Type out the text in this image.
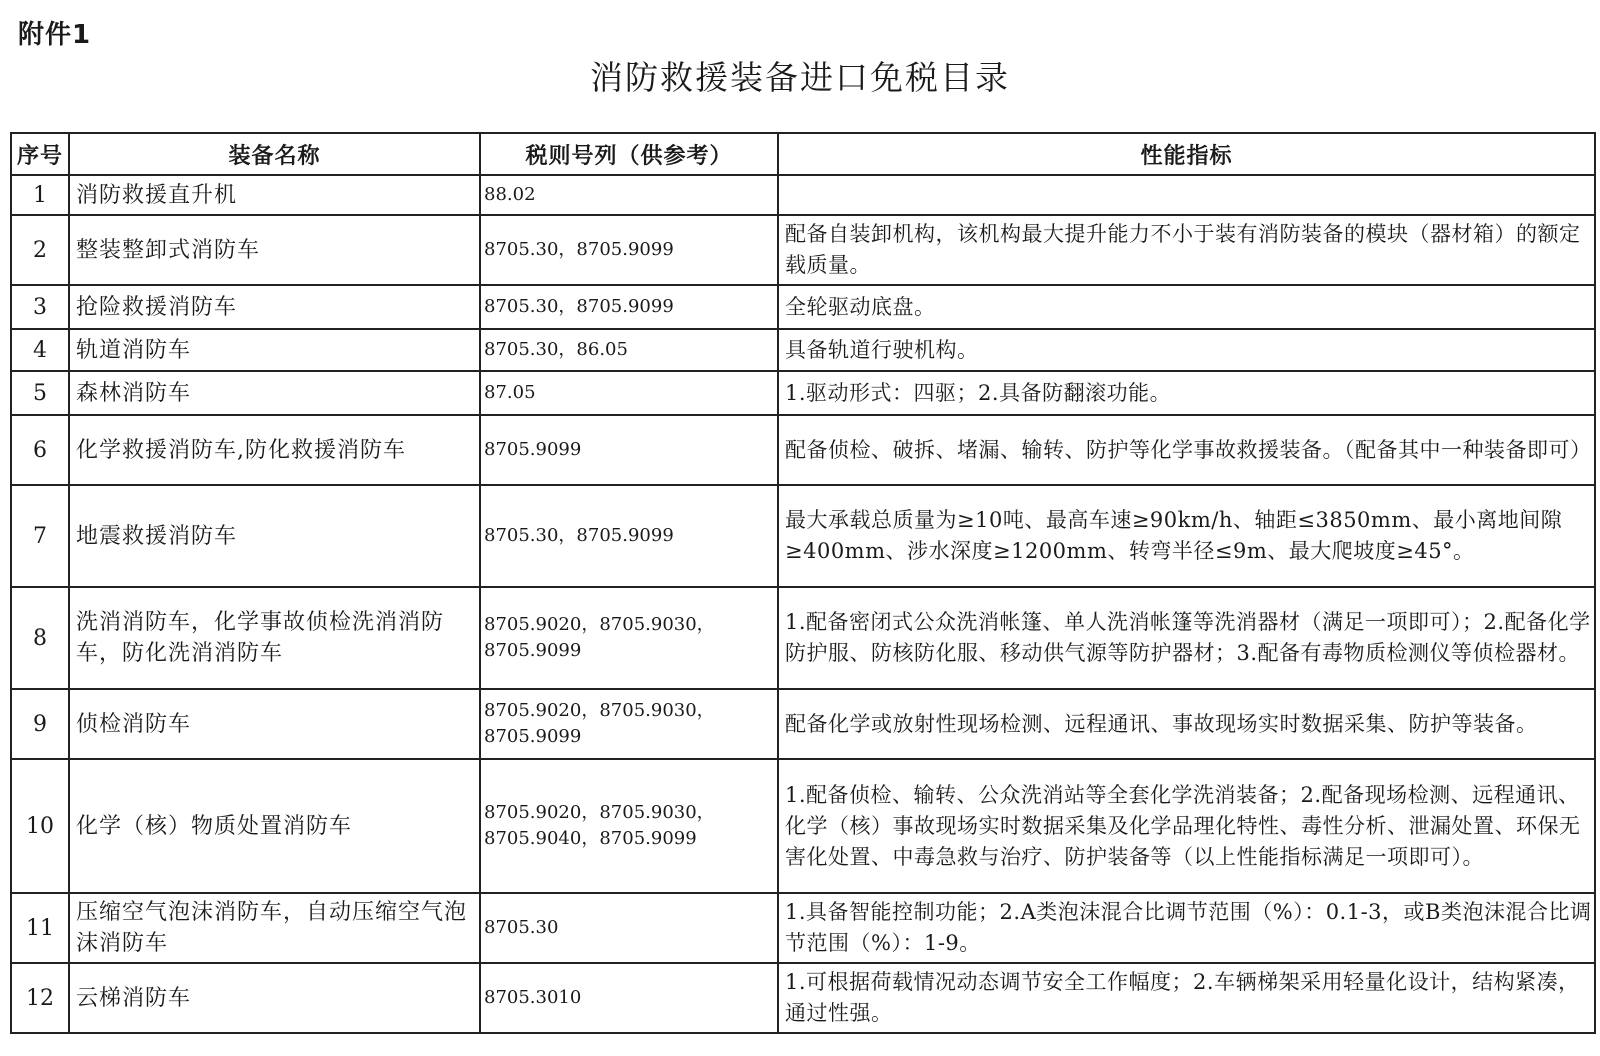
附件1
消防救援装备进口免税目录
序号	装备名称	税则号列（供参考）	性能指标
1	消防救援直升机	88.02	
2	整装整卸式消防车	8705.30，8705.9099	配备自装卸机构，该机构最大提升能力不小于装有消防装备的模块（器材箱）的额定载质量。
3	抢险救援消防车	8705.30，8705.9099	全轮驱动底盘。
4	轨道消防车	8705.30，86.05	具备轨道行驶机构。
5	森林消防车	87.05	1.驱动形式：四驱；2.具备防翻滚功能。
6	化学救援消防车,防化救援消防车	8705.9099	配备侦检、破拆、堵漏、输转、防护等化学事故救援装备。（配备其中一种装备即可）
7	地震救援消防车	8705.30，8705.9099	最大承载总质量为≥10吨、最高车速≥90km/h、轴距≤3850mm、最小离地间隙≥400mm、涉水深度≥1200mm、转弯半径≤9m、最大爬坡度≥45°。
8	洗消消防车，化学事故侦检洗消消防车，防化洗消消防车	8705.9020，8705.9030，8705.9099	1.配备密闭式公众洗消帐篷、单人洗消帐篷等洗消器材（满足一项即可）；2.配备化学防护服、防核防化服、移动供气源等防护器材；3.配备有毒物质检测仪等侦检器材。
9	侦检消防车	8705.9020，8705.9030，8705.9099	配备化学或放射性现场检测、远程通讯、事故现场实时数据采集、防护等装备。
10	化学（核）物质处置消防车	8705.9020，8705.9030，8705.9040，8705.9099	1.配备侦检、输转、公众洗消站等全套化学洗消装备；2.配备现场检测、远程通讯、化学（核）事故现场实时数据采集及化学品理化特性、毒性分析、泄漏处置、环保无害化处置、中毒急救与治疗、防护装备等（以上性能指标满足一项即可）。
11	压缩空气泡沫消防车，自动压缩空气泡沫消防车	8705.30	1.具备智能控制功能；2.A类泡沫混合比调节范围（%）：0.1-3，或B类泡沫混合比调节范围（%）：1-9。
12	云梯消防车	8705.3010	1.可根据荷载情况动态调节安全工作幅度；2.车辆梯架采用轻量化设计，结构紧凑，通过性强。
